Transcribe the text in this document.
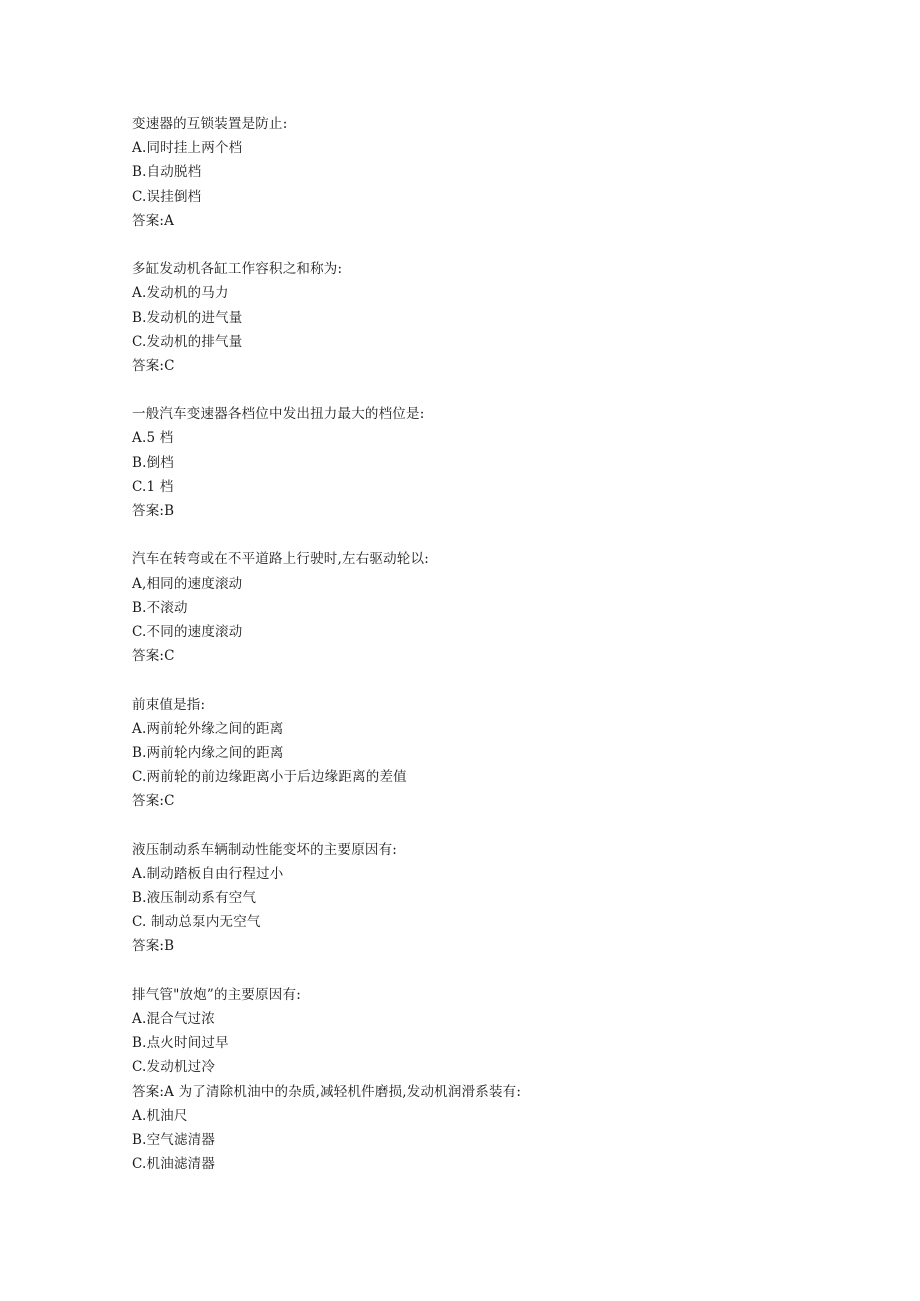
变速器的互锁装置是防止:
A.同时挂上两个档
B.自动脱档
C.误挂倒档
答案:A
多缸发动机各缸工作容积之和称为:
A.发动机的马力
B.发动机的进气量
C.发动机的排气量
答案:C
一般汽车变速器各档位中发出扭力最大的档位是:
A.5 档
B.倒档
C.1 档
答案:B
汽车在转弯或在不平道路上行驶时,左右驱动轮以:
A,相同的速度滚动
B.不滚动
C.不同的速度滚动
答案:C
前束值是指:
A.两前轮外缘之间的距离
B.两前轮内缘之间的距离
C.两前轮的前边缘距离小于后边缘距离的差值
答案:C
液压制动系车辆制动性能变坏的主要原因有:
A.制动踏板自由行程过小
B.液压制动系有空气
C. 制动总泵内无空气
答案:B
排气管"放炮”的主要原因有:
A.混合气过浓
B.点火时间过早
C.发动机过冷
答案:A 为了清除机油中的杂质,减轻机件磨损,发动机润滑系装有:
A.机油尺
B.空气滤清器
C.机油滤清器
